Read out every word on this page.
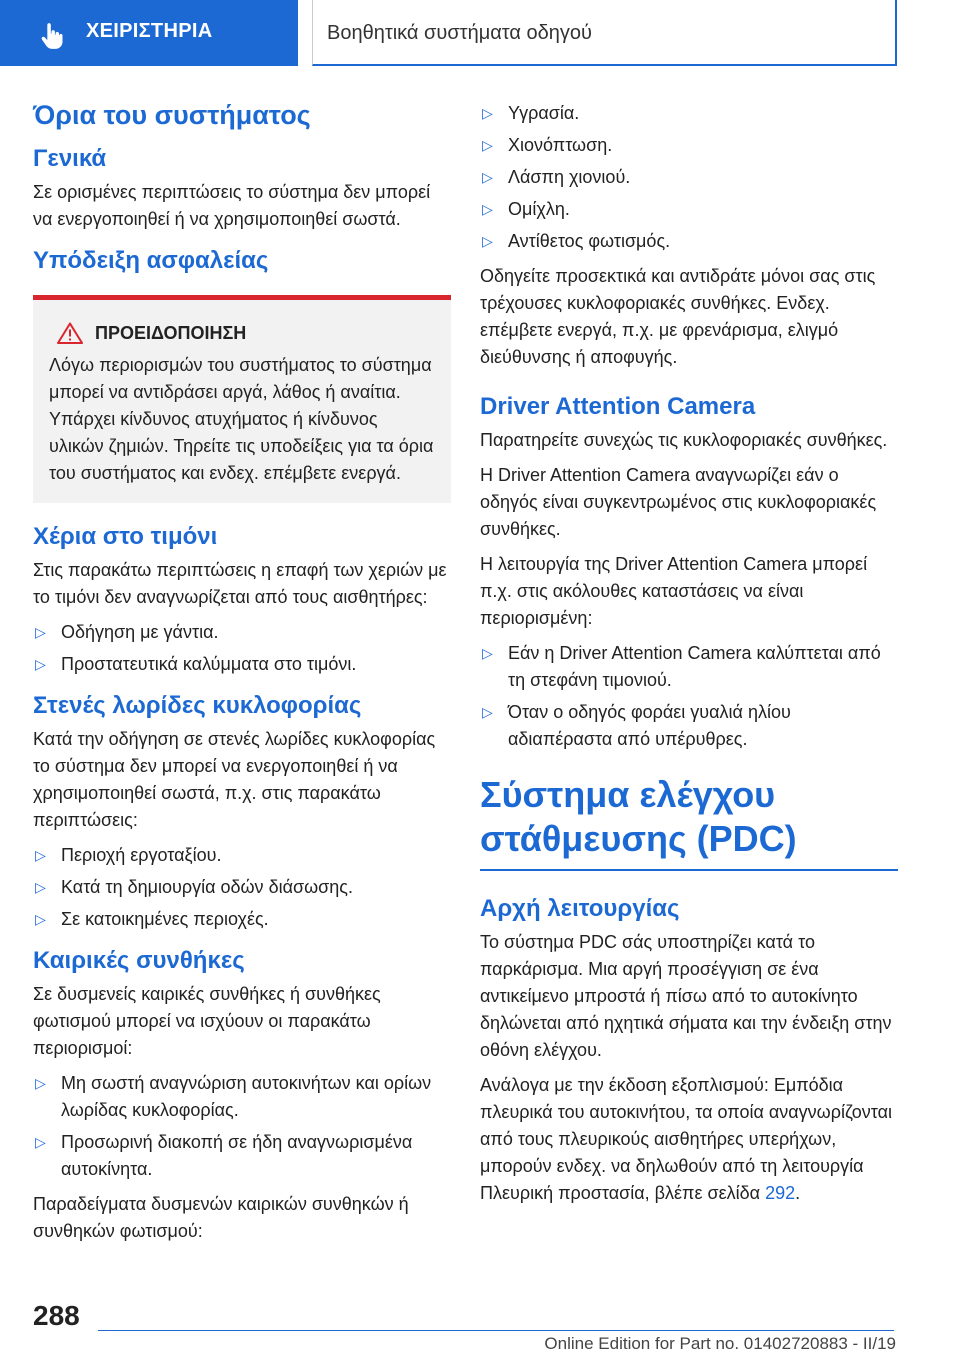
ΧΕΙΡΙΣΤΗΡΙΑ	Βοηθητικά συστήματα οδηγού
Όρια του συστήματος
Γενικά

Σε ορισμένες περιπτώσεις το σύστημα δεν μπορεί να ενεργοποιηθεί ή να χρησιμοποιηθεί σωστά.

Υπόδειξη ασφαλείας
ΠΡΟΕΙΔΟΠΟΙΗΣΗ

Λόγω περιορισμών του συστήματος το σύστημα μπορεί να αντιδράσει αργά, λάθος ή αναίτια. Υπάρχει κίνδυνος ατυχήματος ή κίνδυνος υλικών ζημιών. Τηρείτε τις υποδείξεις για τα όρια του συστήματος και ενδεχ. επέμβετε ενεργά.

Χέρια στο τιμόνι

Στις παρακάτω περιπτώσεις η επαφή των χεριών με το τιμόνι δεν αναγνωρίζεται από τους αισθητήρες:

▷ Οδήγηση με γάντια.
▷ Προστατευτικά καλύμματα στο τιμόνι.
Στενές λωρίδες κυκλοφορίας

Κατά την οδήγηση σε στενές λωρίδες κυκλοφορίας το σύστημα δεν μπορεί να ενεργοποιηθεί ή να χρησιμοποιηθεί σωστά, π.χ. στις παρακάτω περιπτώσεις:

▷ Περιοχή εργοταξίου.
▷ Κατά τη δημιουργία οδών διάσωσης.
▷ Σε κατοικημένες περιοχές.
Καιρικές συνθήκες

Σε δυσμενείς καιρικές συνθήκες ή συνθήκες φωτισμού μπορεί να ισχύουν οι παρακάτω περιορισμοί:

▷ Μη σωστή αναγνώριση αυτοκινήτων και ορίων λωρίδας κυκλοφορίας.
▷ Προσωρινή διακοπή σε ήδη αναγνωρισμένα αυτοκίνητα.

Παραδείγματα δυσμενών καιρικών συνθηκών ή συνθηκών φωτισμού:

▷ Υγρασία.
▷ Χιονόπτωση.
▷ Λάσπη χιονιού.
▷ Ομίχλη.
▷ Αντίθετος φωτισμός.

Οδηγείτε προσεκτικά και αντιδράτε μόνοι σας στις τρέχουσες κυκλοφοριακές συνθήκες. Ενδεχ. επέμβετε ενεργά, π.χ. με φρενάρισμα, ελιγμό διεύθυνσης ή αποφυγής.

Driver Attention Camera

Παρατηρείτε συνεχώς τις κυκλοφοριακές συνθήκες.

Η Driver Attention Camera αναγνωρίζει εάν ο οδηγός είναι συγκεντρωμένος στις κυκλοφοριακές συνθήκες.

Η λειτουργία της Driver Attention Camera μπορεί π.χ. στις ακόλουθες καταστάσεις να είναι περιορισμένη:

▷ Εάν η Driver Attention Camera καλύπτεται από τη στεφάνη τιμονιού.
▷ Όταν ο οδηγός φοράει γυαλιά ηλίου αδιαπέραστα από υπέρυθρες.
Σύστημα ελέγχου στάθμευσης (PDC)
Αρχή λειτουργίας

Το σύστημα PDC σάς υποστηρίζει κατά το παρκάρισμα. Μια αργή προσέγγιση σε ένα αντικείμενο μπροστά ή πίσω από το αυτοκίνητο δηλώνεται από ηχητικά σήματα και την ένδειξη στην οθόνη ελέγχου.

Ανάλογα με την έκδοση εξοπλισμού: Εμπόδια πλευρικά του αυτοκινήτου, τα οποία αναγνωρίζονται από τους πλευρικούς αισθητήρες υπερήχων, μπορούν ενδεχ. να δηλωθούν από τη λειτουργία Πλευρική προστασία, βλέπε σελίδα 292.

288
Online Edition for Part no. 01402720883 - II/19
